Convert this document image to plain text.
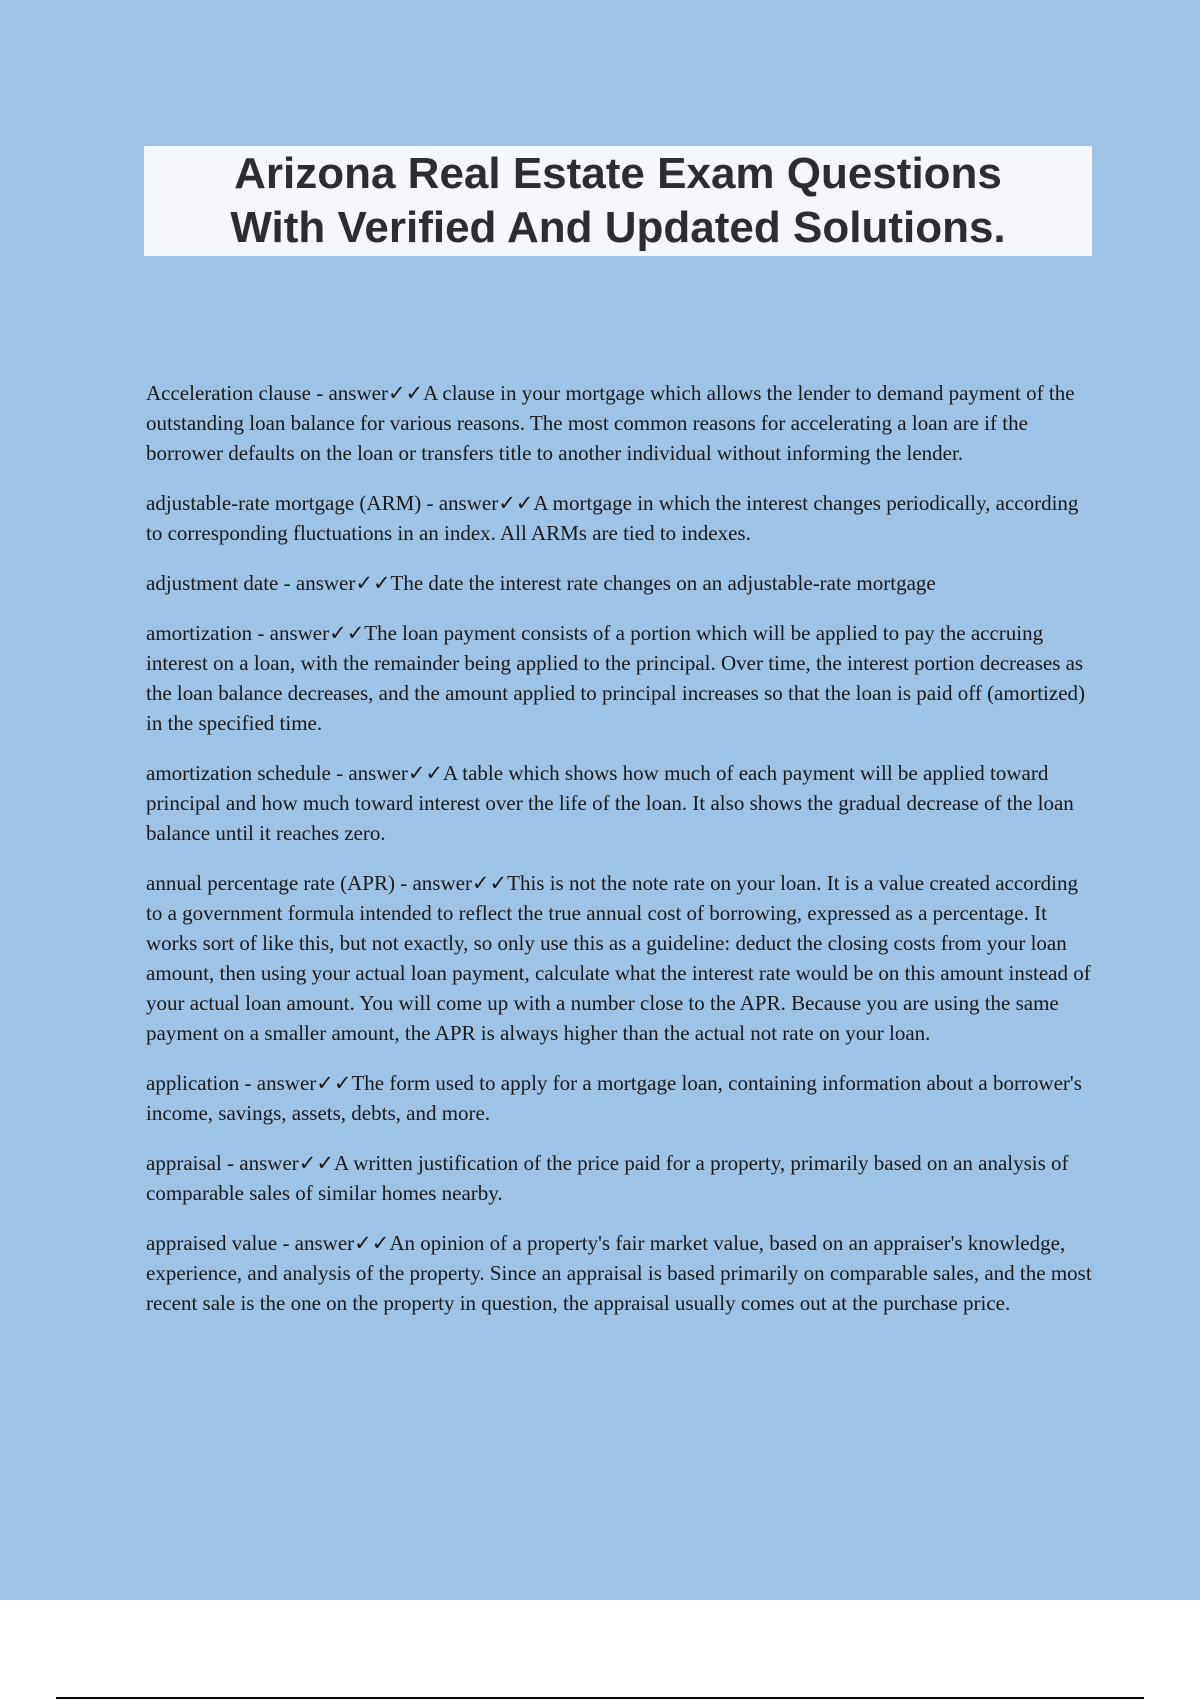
Arizona Real Estate Exam Questions
With Verified And Updated Solutions.

Acceleration clause - answer✓✓A clause in your mortgage which allows the lender to demand payment of the outstanding loan balance for various reasons. The most common reasons for accelerating a loan are if the borrower defaults on the loan or transfers title to another individual without informing the lender.

adjustable-rate mortgage (ARM) - answer✓✓A mortgage in which the interest changes periodically, according to corresponding fluctuations in an index. All ARMs are tied to indexes.

adjustment date - answer✓✓The date the interest rate changes on an adjustable-rate mortgage

amortization - answer✓✓The loan payment consists of a portion which will be applied to pay the accruing interest on a loan, with the remainder being applied to the principal. Over time, the interest portion decreases as the loan balance decreases, and the amount applied to principal increases so that the loan is paid off (amortized) in the specified time.

amortization schedule - answer✓✓A table which shows how much of each payment will be applied toward principal and how much toward interest over the life of the loan. It also shows the gradual decrease of the loan balance until it reaches zero.

annual percentage rate (APR) - answer✓✓This is not the note rate on your loan. It is a value created according to a government formula intended to reflect the true annual cost of borrowing, expressed as a percentage. It works sort of like this, but not exactly, so only use this as a guideline: deduct the closing costs from your loan amount, then using your actual loan payment, calculate what the interest rate would be on this amount instead of your actual loan amount. You will come up with a number close to the APR. Because you are using the same payment on a smaller amount, the APR is always higher than the actual not rate on your loan.

application - answer✓✓The form used to apply for a mortgage loan, containing information about a borrower's income, savings, assets, debts, and more.

appraisal - answer✓✓A written justification of the price paid for a property, primarily based on an analysis of comparable sales of similar homes nearby.

appraised value - answer✓✓An opinion of a property's fair market value, based on an appraiser's knowledge, experience, and analysis of the property. Since an appraisal is based primarily on comparable sales, and the most recent sale is the one on the property in question, the appraisal usually comes out at the purchase price.
